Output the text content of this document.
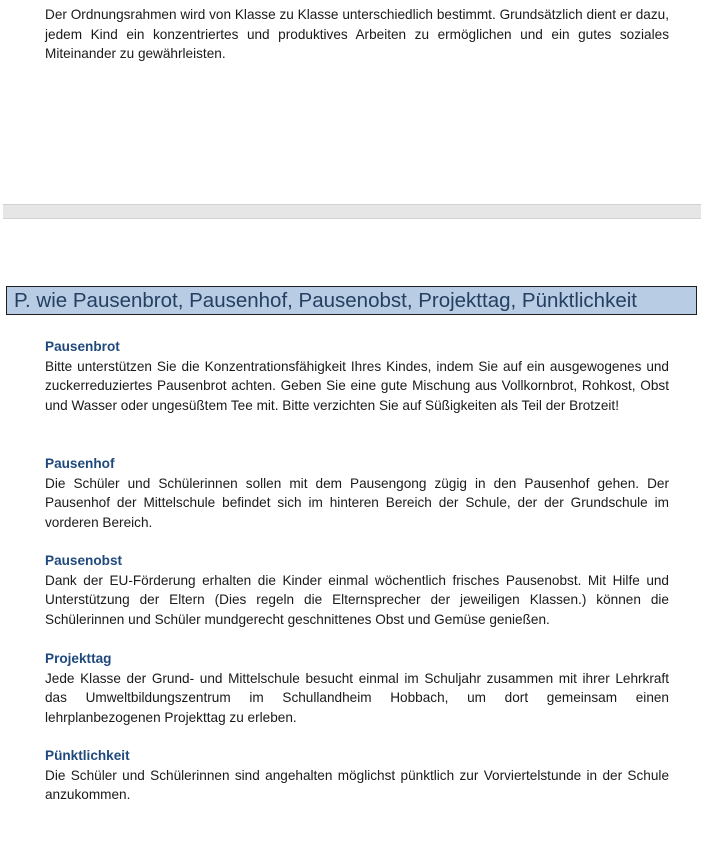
Der Ordnungsrahmen wird von Klasse zu Klasse unterschiedlich bestimmt. Grundsätzlich dient er dazu, jedem Kind ein konzentriertes und produktives Arbeiten zu ermöglichen und ein gutes soziales Miteinander zu gewährleisten.

P. wie Pausenbrot, Pausenhof, Pausenobst, Projekttag, Pünktlichkeit

Pausenbrot

Bitte unterstützen Sie die Konzentrationsfähigkeit Ihres Kindes, indem Sie auf ein ausgewogenes und zuckerreduziertes Pausenbrot achten. Geben Sie eine gute Mischung aus Vollkornbrot, Rohkost, Obst und Wasser oder ungesüßtem Tee mit. Bitte verzichten Sie auf Süßigkeiten als Teil der Brotzeit!

Pausenhof

Die Schüler und Schülerinnen sollen mit dem Pausengong zügig in den Pausenhof gehen. Der Pausenhof der Mittelschule befindet sich im hinteren Bereich der Schule, der der Grundschule im vorderen Bereich.

Pausenobst

Dank der EU-Förderung erhalten die Kinder einmal wöchentlich frisches Pausenobst. Mit Hilfe und Unterstützung der Eltern (Dies regeln die Elternsprecher der jeweiligen Klassen.) können die Schülerinnen und Schüler mundgerecht geschnittenes Obst und Gemüse genießen.

Projekttag

Jede Klasse der Grund- und Mittelschule besucht einmal im Schuljahr zusammen mit ihrer Lehrkraft das Umweltbildungszentrum im Schullandheim Hobbach, um dort gemeinsam einen lehrplanbezogenen Projekttag zu erleben.

Pünktlichkeit

Die Schüler und Schülerinnen sind angehalten möglichst pünktlich zur Vorviertelstunde in der Schule anzukommen.
